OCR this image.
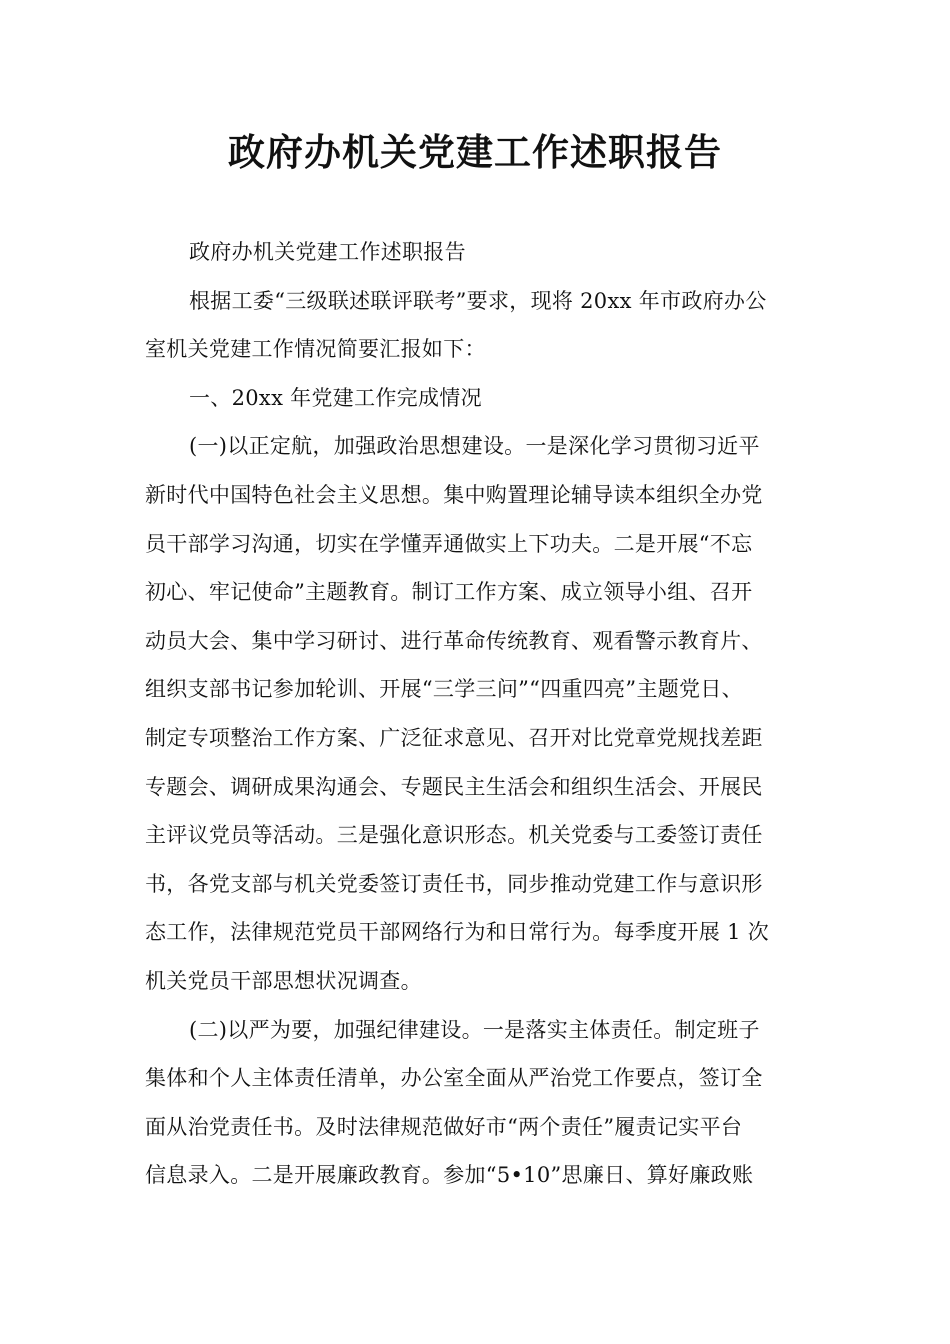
政府办机关党建工作述职报告
政府办机关党建工作述职报告
根据工委“三级联述联评联考”要求，现将 20xx 年市政府办公
室机关党建工作情况简要汇报如下：
一、20xx 年党建工作完成情况
(一)以正定航，加强政治思想建设。一是深化学习贯彻习近平
新时代中国特色社会主义思想。集中购置理论辅导读本组织全办党
员干部学习沟通，切实在学懂弄通做实上下功夫。二是开展“不忘
初心、牢记使命”主题教育。制订工作方案、成立领导小组、召开
动员大会、集中学习研讨、进行革命传统教育、观看警示教育片、
组织支部书记参加轮训、开展“三学三问”“四重四亮”主题党日、
制定专项整治工作方案、广泛征求意见、召开对比党章党规找差距
专题会、调研成果沟通会、专题民主生活会和组织生活会、开展民
主评议党员等活动。三是强化意识形态。机关党委与工委签订责任
书，各党支部与机关党委签订责任书，同步推动党建工作与意识形
态工作，法律规范党员干部网络行为和日常行为。每季度开展 1 次
机关党员干部思想状况调查。
(二)以严为要，加强纪律建设。一是落实主体责任。制定班子
集体和个人主体责任清单，办公室全面从严治党工作要点，签订全
面从治党责任书。及时法律规范做好市“两个责任”履责记实平台
信息录入。二是开展廉政教育。参加“5•10”思廉日、算好廉政账
